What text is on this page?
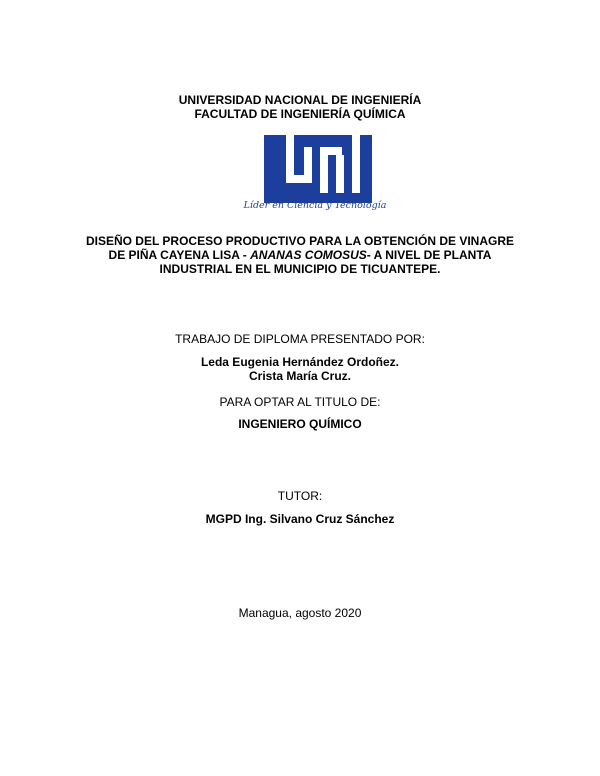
UNIVERSIDAD NACIONAL DE INGENIERÍA
FACULTAD DE INGENIERÍA QUÍMICA
Líder en Ciencia y Tecnología
DISEÑO DEL PROCESO PRODUCTIVO PARA LA OBTENCIÓN DE VINAGRE
DE PIÑA CAYENA LISA - ANANAS COMOSUS- A NIVEL DE PLANTA
INDUSTRIAL EN EL MUNICIPIO DE TICUANTEPE.
TRABAJO DE DIPLOMA PRESENTADO POR:
Leda Eugenia Hernández Ordoñez.
Crista María Cruz.
PARA OPTAR AL TITULO DE:
INGENIERO QUÍMICO
TUTOR:
MGPD Ing. Silvano Cruz Sánchez
Managua, agosto 2020
